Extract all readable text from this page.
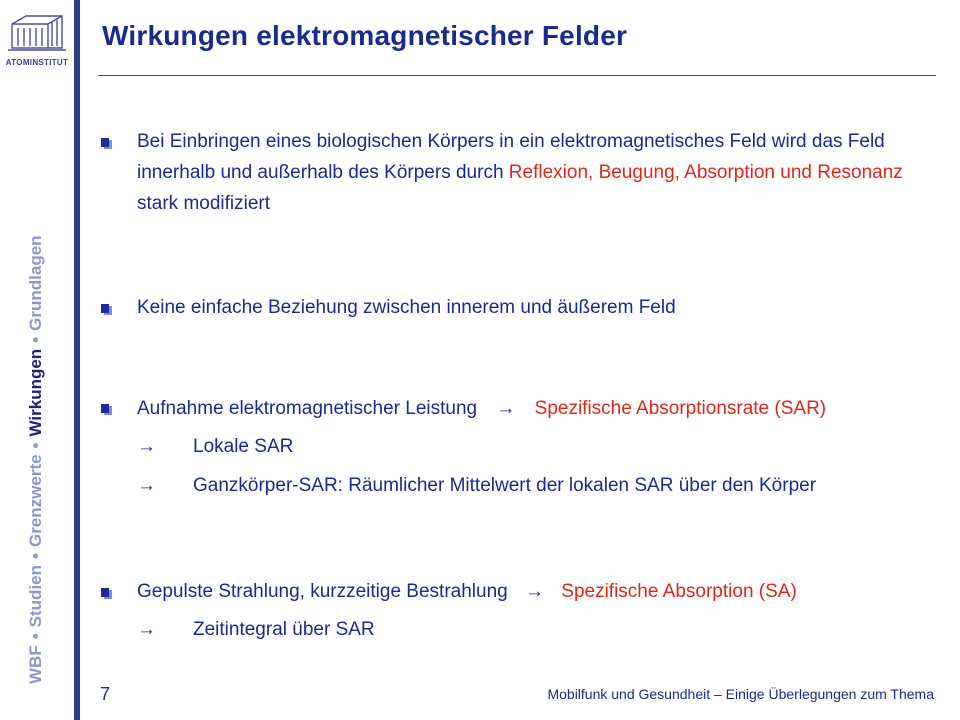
ATOMINSTITUT
WBF•Studien•Grenzwerte•Wirkungen•Grundlagen
Wirkungen elektromagnetischer Felder
Bei Einbringen eines biologischen Körpers in ein elektromagnetisches Feld wird das Feld innerhalb und außerhalb des Körpers durch Reflexion, Beugung, Absorption und Resonanz stark modifiziert
Keine einfache Beziehung zwischen innerem und äußerem Feld
Aufnahme elektromagnetischer Leistung → Spezifische Absorptionsrate (SAR)
→ Lokale SAR
→ Ganzkörper-SAR: Räumlicher Mittelwert der lokalen SAR über den Körper
Gepulste Strahlung, kurzzeitige Bestrahlung → Spezifische Absorption (SA)
→ Zeitintegral über SAR
7	Mobilfunk und Gesundheit – Einige Überlegungen zum Thema
